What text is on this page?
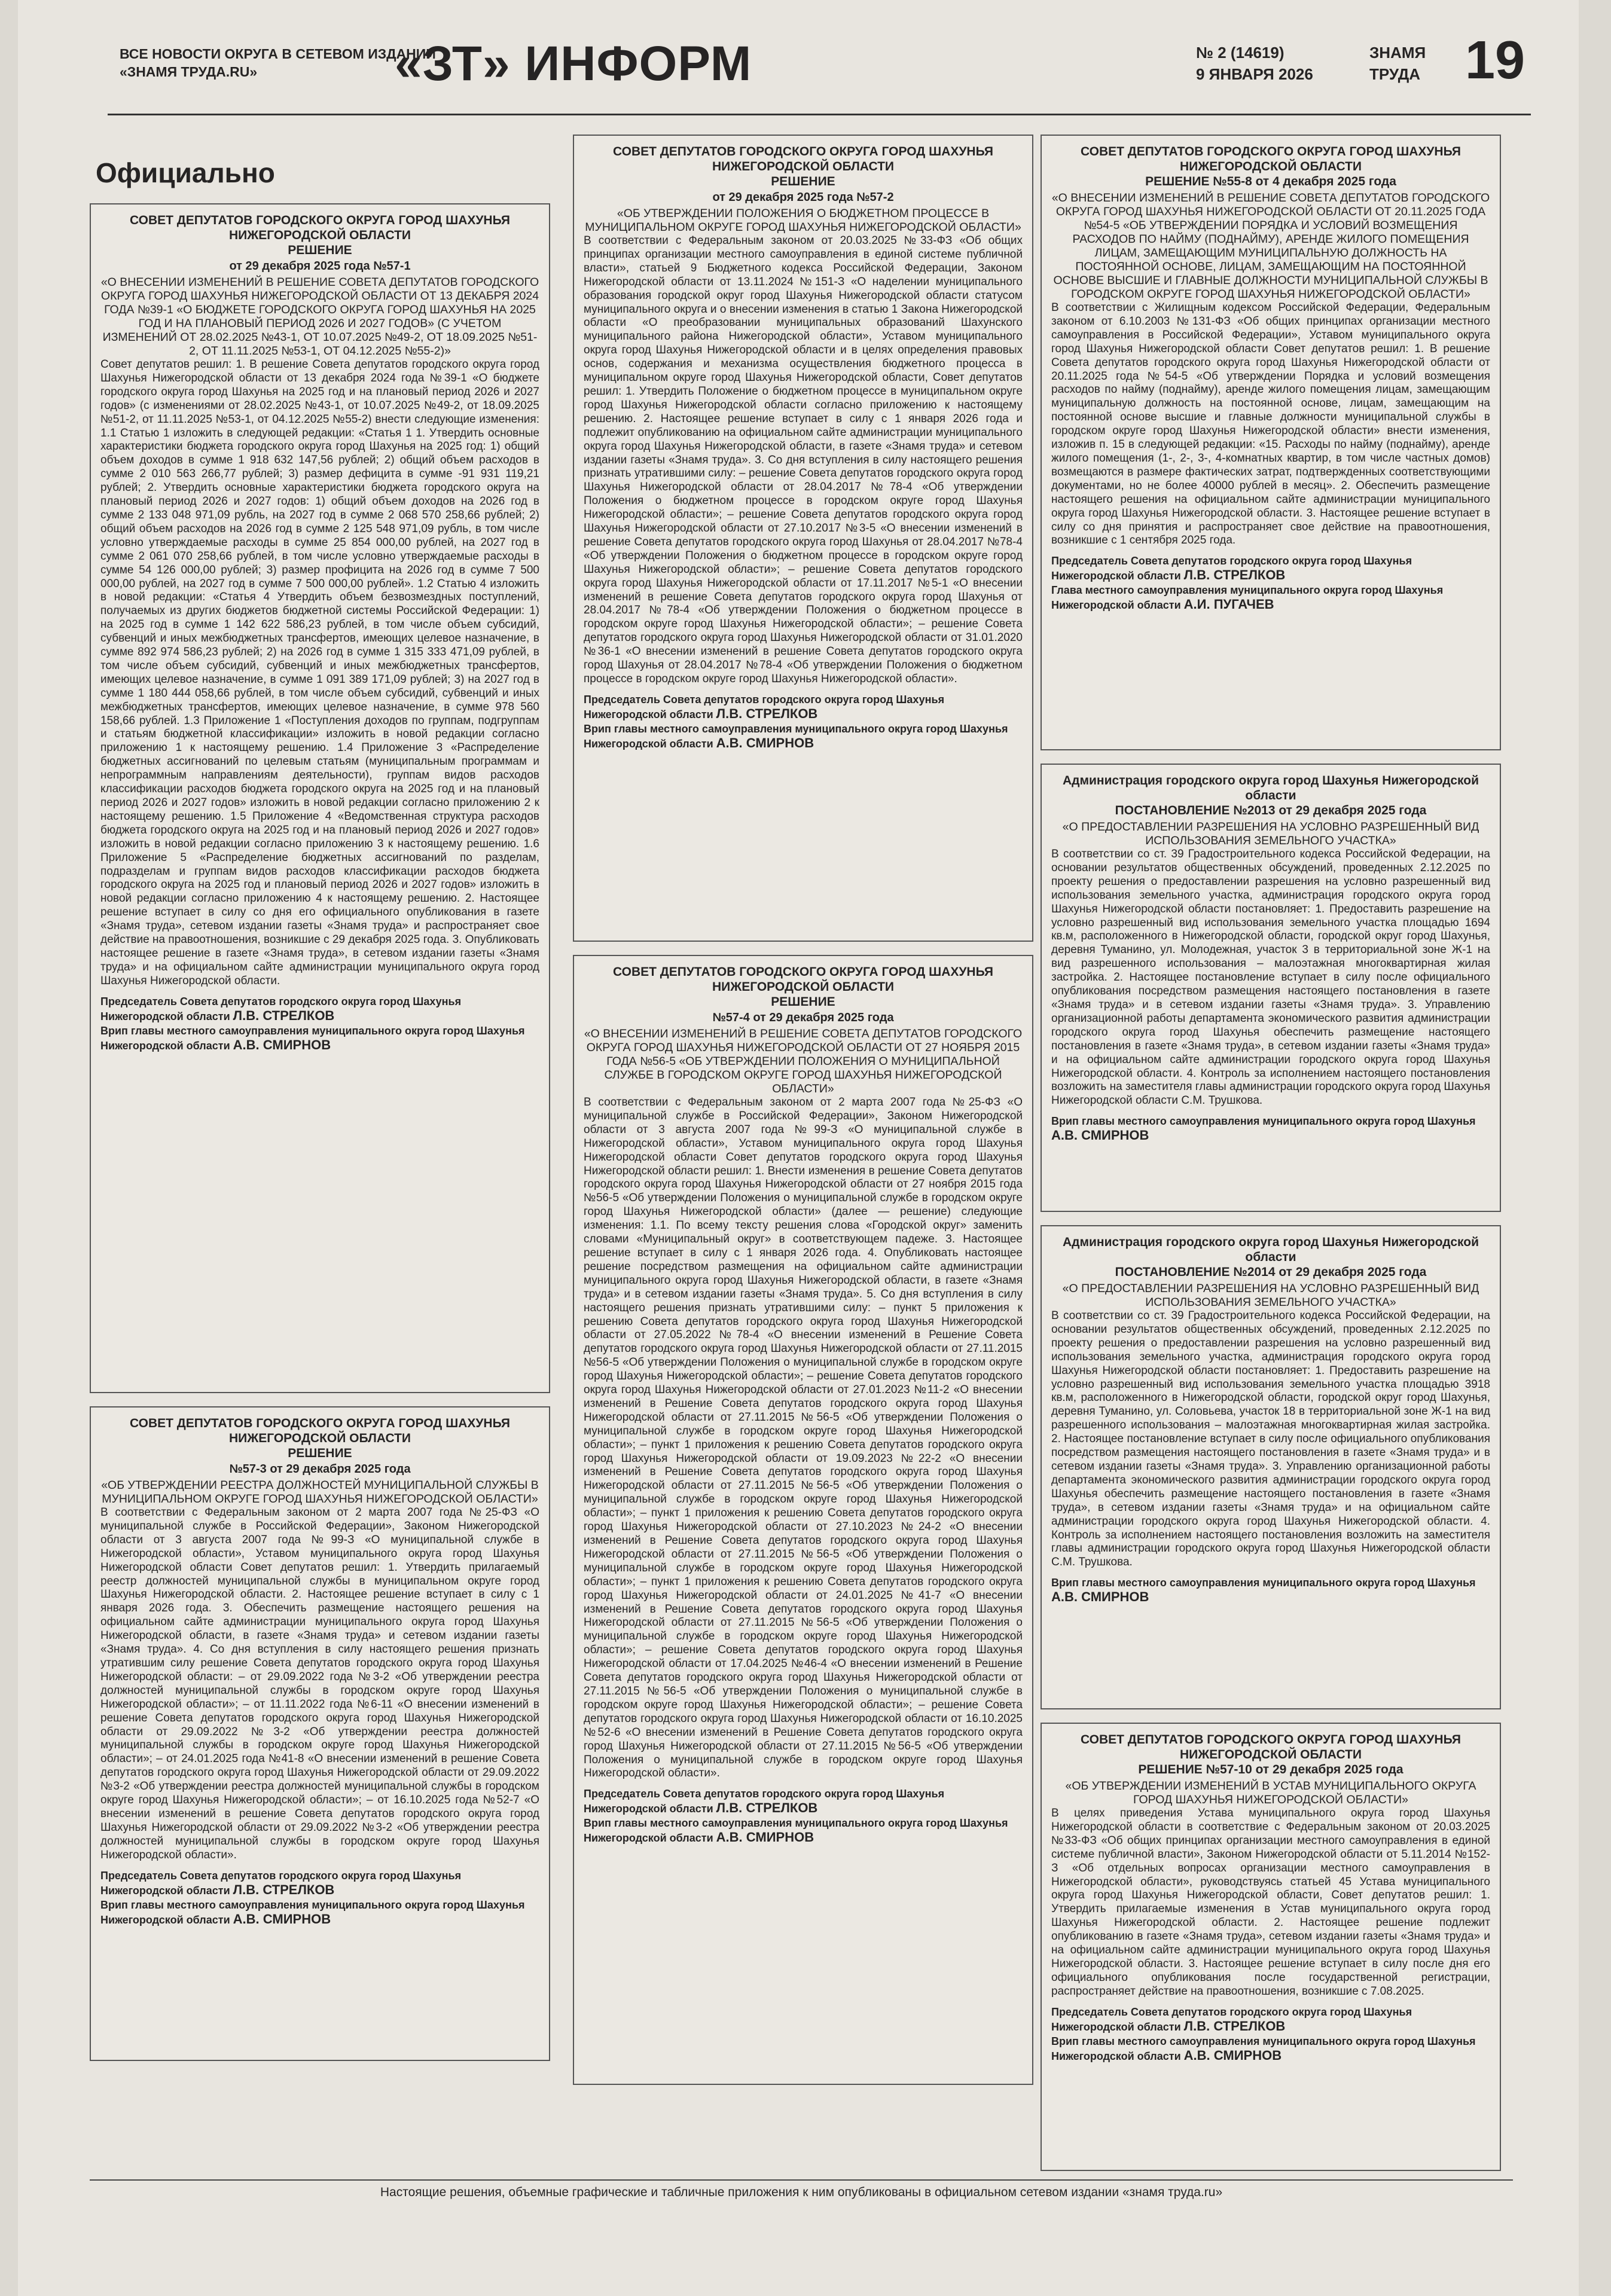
ВСЕ НОВОСТИ ОКРУГА В СЕТЕВОМ ИЗДАНИИ
«ЗНАМЯ ТРУДА.RU»	«ЗТ» ИНФОРМ	№ 2 (14619)
9 ЯНВАРЯ 2026
ЗНАМЯ
ТРУДА 19
Официально
СОВЕТ ДЕПУТАТОВ ГОРОДСКОГО ОКРУГА ГОРОД ШАХУНЬЯ НИЖЕГОРОДСКОЙ ОБЛАСТИ
РЕШЕНИЕ
от 29 декабря 2025 года №57-1
«О ВНЕСЕНИИ ИЗМЕНЕНИЙ В РЕШЕНИЕ СОВЕТА ДЕПУТАТОВ ГОРОДСКОГО ОКРУГА ГОРОД ШАХУНЬЯ НИЖЕГОРОДСКОЙ ОБЛАСТИ ОТ 13 ДЕКАБРЯ 2024 ГОДА №39-1 «О БЮДЖЕТЕ ГОРОДСКОГО ОКРУГА ГОРОД ШАХУНЬЯ НА 2025 ГОД И НА ПЛАНОВЫЙ ПЕРИОД 2026 И 2027 ГОДОВ» (С УЧЕТОМ ИЗМЕНЕНИЙ ОТ 28.02.2025 №43-1, ОТ 10.07.2025 №49-2, ОТ 18.09.2025 №51-2, ОТ 11.11.2025 №53-1, ОТ 04.12.2025 №55-2)»
Совет депутатов решил: 1. В решение Совета депутатов городского округа город Шахунья Нижегородской области от 13 декабря 2024 года №39-1 «О бюджете городского округа город Шахунья на 2025 год и на плановый период 2026 и 2027 годов» (с изменениями от 28.02.2025 №43-1, от 10.07.2025 №49-2, от 18.09.2025 №51-2, от 11.11.2025 №53-1, от 04.12.2025 №55-2) внести следующие изменения: 1.1 Статью 1 изложить в следующей редакции: «Статья 1 1. Утвердить основные характеристики бюджета городского округа город Шахунья на 2025 год: 1) общий объем доходов в сумме 1 918 632 147,56 рублей; 2) общий объем расходов в сумме 2 010 563 266,77 рублей; 3) размер дефицита в сумме -91 931 119,21 рублей; 2. Утвердить основные характеристики бюджета городского округа на плановый период 2026 и 2027 годов: 1) общий объем доходов на 2026 год в сумме 2 133 048 971,09 рубль, на 2027 год в сумме 2 068 570 258,66 рублей; 2) общий объем расходов на 2026 год в сумме 2 125 548 971,09 рубль, в том числе условно утверждаемые расходы в сумме 25 854 000,00 рублей, на 2027 год в сумме 2 061 070 258,66 рублей, в том числе условно утверждаемые расходы в сумме 54 126 000,00 рублей; 3) размер профицита на 2026 год в сумме 7 500 000,00 рублей, на 2027 год в сумме 7 500 000,00 рублей». 1.2 Статью 4 изложить в новой редакции: «Статья 4 Утвердить объем безвозмездных поступлений, получаемых из других бюджетов бюджетной системы Российской Федерации: 1) на 2025 год в сумме 1 142 622 586,23 рублей, в том числе объем субсидий, субвенций и иных межбюджетных трансфертов, имеющих целевое назначение, в сумме 892 974 586,23 рублей; 2) на 2026 год в сумме 1 315 333 471,09 рублей, в том числе объем субсидий, субвенций и иных межбюджетных трансфертов, имеющих целевое назначение, в сумме 1 091 389 171,09 рублей; 3) на 2027 год в сумме 1 180 444 058,66 рублей, в том числе объем субсидий, субвенций и иных межбюджетных трансфертов, имеющих целевое назначение, в сумме 978 560 158,66 рублей. 1.3 Приложение 1 «Поступления доходов по группам, подгруппам и статьям бюджетной классификации» изложить в новой редакции согласно приложению 1 к настоящему решению. 1.4 Приложение 3 «Распределение бюджетных ассигнований по целевым статьям (муниципальным программам и непрограммным направлениям деятельности), группам видов расходов классификации расходов бюджета городского округа на 2025 год и на плановый период 2026 и 2027 годов» изложить в новой редакции согласно приложению 2 к настоящему решению. 1.5 Приложение 4 «Ведомственная структура расходов бюджета городского округа на 2025 год и на плановый период 2026 и 2027 годов» изложить в новой редакции согласно приложению 3 к настоящему решению. 1.6 Приложение 5 «Распределение бюджетных ассигнований по разделам, подразделам и группам видов расходов классификации расходов бюджета городского округа на 2025 год и плановый период 2026 и 2027 годов» изложить в новой редакции согласно приложению 4 к настоящему решению. 2. Настоящее решение вступает в силу со дня его официального опубликования в газете «Знамя труда», сетевом издании газеты «Знамя труда» и распространяет свое действие на правоотношения, возникшие с 29 декабря 2025 года. 3. Опубликовать настоящее решение в газете «Знамя труда», в сетевом издании газеты «Знамя труда» и на официальном сайте администрации муниципального округа город Шахунья Нижегородской области.
Председатель Совета депутатов городского округа город Шахунья Нижегородской области Л.В. СТРЕЛКОВ
Врип главы местного самоуправления муниципального округа город Шахунья Нижегородской области А.В. СМИРНОВ
СОВЕТ ДЕПУТАТОВ ГОРОДСКОГО ОКРУГА ГОРОД ШАХУНЬЯ НИЖЕГОРОДСКОЙ ОБЛАСТИ
РЕШЕНИЕ
№57-3 от 29 декабря 2025 года
«ОБ УТВЕРЖДЕНИИ РЕЕСТРА ДОЛЖНОСТЕЙ МУНИЦИПАЛЬНОЙ СЛУЖБЫ В МУНИЦИПАЛЬНОМ ОКРУГЕ ГОРОД ШАХУНЬЯ НИЖЕГОРОДСКОЙ ОБЛАСТИ»
В соответствии с Федеральным законом от 2 марта 2007 года №25-ФЗ «О муниципальной службе в Российской Федерации», Законом Нижегородской области от 3 августа 2007 года №99-З «О муниципальной службе в Нижегородской области», Уставом муниципального округа город Шахунья Нижегородской области Совет депутатов решил: 1. Утвердить прилагаемый реестр должностей муниципальной службы в муниципальном округе город Шахунья Нижегородской области. 2. Настоящее решение вступает в силу с 1 января 2026 года. 3. Обеспечить размещение настоящего решения на официальном сайте администрации муниципального округа город Шахунья Нижегородской области, в газете «Знамя труда» и сетевом издании газеты «Знамя труда». 4. Со дня вступления в силу настоящего решения признать утратившим силу решение Совета депутатов городского округа город Шахунья Нижегородской области: – от 29.09.2022 года №3-2 «Об утверждении реестра должностей муниципальной службы в городском округе город Шахунья Нижегородской области»; – от 11.11.2022 года №6-11 «О внесении изменений в решение Совета депутатов городского округа город Шахунья Нижегородской области от 29.09.2022 №3-2 «Об утверждении реестра должностей муниципальной службы в городском округе город Шахунья Нижегородской области»; – от 24.01.2025 года №41-8 «О внесении изменений в решение Совета депутатов городского округа город Шахунья Нижегородской области от 29.09.2022 №3-2 «Об утверждении реестра должностей муниципальной службы в городском округе город Шахунья Нижегородской области»; – от 16.10.2025 года №52-7 «О внесении изменений в решение Совета депутатов городского округа город Шахунья Нижегородской области от 29.09.2022 №3-2 «Об утверждении реестра должностей муниципальной службы в городском округе город Шахунья Нижегородской области».
Председатель Совета депутатов городского округа город Шахунья Нижегородской области Л.В. СТРЕЛКОВ
Врип главы местного самоуправления муниципального округа город Шахунья Нижегородской области А.В. СМИРНОВ
СОВЕТ ДЕПУТАТОВ ГОРОДСКОГО ОКРУГА ГОРОД ШАХУНЬЯ НИЖЕГОРОДСКОЙ ОБЛАСТИ
РЕШЕНИЕ
от 29 декабря 2025 года №57-2
«ОБ УТВЕРЖДЕНИИ ПОЛОЖЕНИЯ О БЮДЖЕТНОМ ПРОЦЕССЕ В МУНИЦИПАЛЬНОМ ОКРУГЕ ГОРОД ШАХУНЬЯ НИЖЕГОРОДСКОЙ ОБЛАСТИ»
В соответствии с Федеральным законом от 20.03.2025 №33-ФЗ «Об общих принципах организации местного самоуправления в единой системе публичной власти», статьей 9 Бюджетного кодекса Российской Федерации, Законом Нижегородской области от 13.11.2024 №151-З «О наделении муниципального образования городской округ город Шахунья Нижегородской области статусом муниципального округа и о внесении изменения в статью 1 Закона Нижегородской области «О преобразовании муниципальных образований Шахунского муниципального района Нижегородской области», Уставом муниципального округа город Шахунья Нижегородской области и в целях определения правовых основ, содержания и механизма осуществления бюджетного процесса в муниципальном округе город Шахунья Нижегородской области, Совет депутатов решил: 1. Утвердить Положение о бюджетном процессе в муниципальном округе город Шахунья Нижегородской области согласно приложению к настоящему решению. 2. Настоящее решение вступает в силу с 1 января 2026 года и подлежит опубликованию на официальном сайте администрации муниципального округа город Шахунья Нижегородской области, в газете «Знамя труда» и сетевом издании газеты «Знамя труда». 3. Со дня вступления в силу настоящего решения признать утратившими силу: – решение Совета депутатов городского округа город Шахунья Нижегородской области от 28.04.2017 №78-4 «Об утверждении Положения о бюджетном процессе в городском округе город Шахунья Нижегородской области»; – решение Совета депутатов городского округа город Шахунья Нижегородской области от 27.10.2017 №3-5 «О внесении изменений в решение Совета депутатов городского округа город Шахунья от 28.04.2017 №78-4 «Об утверждении Положения о бюджетном процессе в городском округе город Шахунья Нижегородской области»; – решение Совета депутатов городского округа город Шахунья Нижегородской области от 17.11.2017 №5-1 «О внесении изменений в решение Совета депутатов городского округа город Шахунья от 28.04.2017 №78-4 «Об утверждении Положения о бюджетном процессе в городском округе город Шахунья Нижегородской области»; – решение Совета депутатов городского округа город Шахунья Нижегородской области от 31.01.2020 №36-1 «О внесении изменений в решение Совета депутатов городского округа город Шахунья от 28.04.2017 №78-4 «Об утверждении Положения о бюджетном процессе в городском округе город Шахунья Нижегородской области».
Председатель Совета депутатов городского округа город Шахунья Нижегородской области Л.В. СТРЕЛКОВ
Врип главы местного самоуправления муниципального округа город Шахунья Нижегородской области А.В. СМИРНОВ
СОВЕТ ДЕПУТАТОВ ГОРОДСКОГО ОКРУГА ГОРОД ШАХУНЬЯ НИЖЕГОРОДСКОЙ ОБЛАСТИ
РЕШЕНИЕ
№57-4 от 29 декабря 2025 года
«О ВНЕСЕНИИ ИЗМЕНЕНИЙ В РЕШЕНИЕ СОВЕТА ДЕПУТАТОВ ГОРОДСКОГО ОКРУГА ГОРОД ШАХУНЬЯ НИЖЕГОРОДСКОЙ ОБЛАСТИ ОТ 27 НОЯБРЯ 2015 ГОДА №56-5 «ОБ УТВЕРЖДЕНИИ ПОЛОЖЕНИЯ О МУНИЦИПАЛЬНОЙ СЛУЖБЕ В ГОРОДСКОМ ОКРУГЕ ГОРОД ШАХУНЬЯ НИЖЕГОРОДСКОЙ ОБЛАСТИ»
В соответствии с Федеральным законом от 2 марта 2007 года №25-ФЗ «О муниципальной службе в Российской Федерации», Законом Нижегородской области от 3 августа 2007 года №99-З «О муниципальной службе в Нижегородской области», Уставом муниципального округа город Шахунья Нижегородской области Совет депутатов городского округа город Шахунья Нижегородской области решил: 1. Внести изменения в решение Совета депутатов городского округа город Шахунья Нижегородской области от 27 ноября 2015 года №56-5 «Об утверждении Положения о муниципальной службе в городском округе город Шахунья Нижегородской области» (далее — решение) следующие изменения: 1.1. По всему тексту решения слова «Городской округ» заменить словами «Муниципальный округ» в соответствующем падеже. 3. Настоящее решение вступает в силу с 1 января 2026 года. 4. Опубликовать настоящее решение посредством размещения на официальном сайте администрации муниципального округа город Шахунья Нижегородской области, в газете «Знамя труда» и в сетевом издании газеты «Знамя труда». 5. Со дня вступления в силу настоящего решения признать утратившими силу: – пункт 5 приложения к решению Совета депутатов городского округа город Шахунья Нижегородской области от 27.05.2022 №78-4 «О внесении изменений в Решение Совета депутатов городского округа город Шахунья Нижегородской области от 27.11.2015 №56-5 «Об утверждении Положения о муниципальной службе в городском округе город Шахунья Нижегородской области»; – решение Совета депутатов городского округа город Шахунья Нижегородской области от 27.01.2023 №11-2 «О внесении изменений в Решение Совета депутатов городского округа город Шахунья Нижегородской области от 27.11.2015 №56-5 «Об утверждении Положения о муниципальной службе в городском округе город Шахунья Нижегородской области»; – пункт 1 приложения к решению Совета депутатов городского округа город Шахунья Нижегородской области от 19.09.2023 №22-2 «О внесении изменений в Решение Совета депутатов городского округа город Шахунья Нижегородской области от 27.11.2015 №56-5 «Об утверждении Положения о муниципальной службе в городском округе город Шахунья Нижегородской области»; – пункт 1 приложения к решению Совета депутатов городского округа город Шахунья Нижегородской области от 27.10.2023 №24-2 «О внесении изменений в Решение Совета депутатов городского округа город Шахунья Нижегородской области от 27.11.2015 №56-5 «Об утверждении Положения о муниципальной службе в городском округе город Шахунья Нижегородской области»; – пункт 1 приложения к решению Совета депутатов городского округа город Шахунья Нижегородской области от 24.01.2025 №41-7 «О внесении изменений в Решение Совета депутатов городского округа город Шахунья Нижегородской области от 27.11.2015 №56-5 «Об утверждении Положения о муниципальной службе в городском округе город Шахунья Нижегородской области»; – решение Совета депутатов городского округа город Шахунья Нижегородской области от 17.04.2025 №46-4 «О внесении изменений в Решение Совета депутатов городского округа город Шахунья Нижегородской области от 27.11.2015 №56-5 «Об утверждении Положения о муниципальной службе в городском округе город Шахунья Нижегородской области»; – решение Совета депутатов городского округа город Шахунья Нижегородской области от 16.10.2025 №52-6 «О внесении изменений в Решение Совета депутатов городского округа город Шахунья Нижегородской области от 27.11.2015 №56-5 «Об утверждении Положения о муниципальной службе в городском округе город Шахунья Нижегородской области».
Председатель Совета депутатов городского округа город Шахунья Нижегородской области Л.В. СТРЕЛКОВ
Врип главы местного самоуправления муниципального округа город Шахунья Нижегородской области А.В. СМИРНОВ
СОВЕТ ДЕПУТАТОВ ГОРОДСКОГО ОКРУГА ГОРОД ШАХУНЬЯ НИЖЕГОРОДСКОЙ ОБЛАСТИ
РЕШЕНИЕ №55-8 от 4 декабря 2025 года
«О ВНЕСЕНИИ ИЗМЕНЕНИЙ В РЕШЕНИЕ СОВЕТА ДЕПУТАТОВ ГОРОДСКОГО ОКРУГА ГОРОД ШАХУНЬЯ НИЖЕГОРОДСКОЙ ОБЛАСТИ ОТ 20.11.2025 ГОДА №54-5 «ОБ УТВЕРЖДЕНИИ ПОРЯДКА И УСЛОВИЙ ВОЗМЕЩЕНИЯ РАСХОДОВ ПО НАЙМУ (ПОДНАЙМУ), АРЕНДЕ ЖИЛОГО ПОМЕЩЕНИЯ ЛИЦАМ, ЗАМЕЩАЮЩИМ МУНИЦИПАЛЬНУЮ ДОЛЖНОСТЬ НА ПОСТОЯННОЙ ОСНОВЕ, ЛИЦАМ, ЗАМЕЩАЮЩИМ НА ПОСТОЯННОЙ ОСНОВЕ ВЫСШИЕ И ГЛАВНЫЕ ДОЛЖНОСТИ МУНИЦИПАЛЬНОЙ СЛУЖБЫ В ГОРОДСКОМ ОКРУГЕ ГОРОД ШАХУНЬЯ НИЖЕГОРОДСКОЙ ОБЛАСТИ»
В соответствии с Жилищным кодексом Российской Федерации, Федеральным законом от 6.10.2003 №131-ФЗ «Об общих принципах организации местного самоуправления в Российской Федерации», Уставом муниципального округа город Шахунья Нижегородской области Совет депутатов решил: 1. В решение Совета депутатов городского округа город Шахунья Нижегородской области от 20.11.2025 года №54-5 «Об утверждении Порядка и условий возмещения расходов по найму (поднайму), аренде жилого помещения лицам, замещающим муниципальную должность на постоянной основе, лицам, замещающим на постоянной основе высшие и главные должности муниципальной службы в городском округе город Шахунья Нижегородской области» внести изменения, изложив п. 15 в следующей редакции: «15. Расходы по найму (поднайму), аренде жилого помещения (1-, 2-, 3-, 4-комнатных квартир, в том числе частных домов) возмещаются в размере фактических затрат, подтвержденных соответствующими документами, но не более 40000 рублей в месяц». 2. Обеспечить размещение настоящего решения на официальном сайте администрации муниципального округа город Шахунья Нижегородской области. 3. Настоящее решение вступает в силу со дня принятия и распространяет свое действие на правоотношения, возникшие с 1 сентября 2025 года.
Председатель Совета депутатов городского округа город Шахунья Нижегородской области Л.В. СТРЕЛКОВ
Глава местного самоуправления муниципального округа город Шахунья Нижегородской области А.И. ПУГАЧЕВ
Администрация городского округа город Шахунья Нижегородской области
ПОСТАНОВЛЕНИЕ №2013 от 29 декабря 2025 года
«О ПРЕДОСТАВЛЕНИИ РАЗРЕШЕНИЯ НА УСЛОВНО РАЗРЕШЕННЫЙ ВИД ИСПОЛЬЗОВАНИЯ ЗЕМЕЛЬНОГО УЧАСТКА»
В соответствии со ст. 39 Градостроительного кодекса Российской Федерации, на основании результатов общественных обсуждений, проведенных 2.12.2025 по проекту решения о предоставлении разрешения на условно разрешенный вид использования земельного участка, администрация городского округа город Шахунья Нижегородской области постановляет: 1. Предоставить разрешение на условно разрешенный вид использования земельного участка площадью 1694 кв.м, расположенного в Нижегородской области, городской округ город Шахунья, деревня Туманино, ул. Молодежная, участок 3 в территориальной зоне Ж-1 на вид разрешенного использования – малоэтажная многоквартирная жилая застройка. 2. Настоящее постановление вступает в силу после официального опубликования посредством размещения настоящего постановления в газете «Знамя труда» и в сетевом издании газеты «Знамя труда». 3. Управлению организационной работы департамента экономического развития администрации городского округа город Шахунья обеспечить размещение настоящего постановления в газете «Знамя труда», в сетевом издании газеты «Знамя труда» и на официальном сайте администрации городского округа город Шахунья Нижегородской области. 4. Контроль за исполнением настоящего постановления возложить на заместителя главы администрации городского округа город Шахунья Нижегородской области С.М. Трушкова.
Врип главы местного самоуправления муниципального округа город Шахунья А.В. СМИРНОВ
Администрация городского округа город Шахунья Нижегородской области
ПОСТАНОВЛЕНИЕ №2014 от 29 декабря 2025 года
«О ПРЕДОСТАВЛЕНИИ РАЗРЕШЕНИЯ НА УСЛОВНО РАЗРЕШЕННЫЙ ВИД ИСПОЛЬЗОВАНИЯ ЗЕМЕЛЬНОГО УЧАСТКА»
В соответствии со ст. 39 Градостроительного кодекса Российской Федерации, на основании результатов общественных обсуждений, проведенных 2.12.2025 по проекту решения о предоставлении разрешения на условно разрешенный вид использования земельного участка, администрация городского округа город Шахунья Нижегородской области постановляет: 1. Предоставить разрешение на условно разрешенный вид использования земельного участка площадью 3918 кв.м, расположенного в Нижегородской области, городской округ город Шахунья, деревня Туманино, ул. Соловьева, участок 18 в территориальной зоне Ж-1 на вид разрешенного использования – малоэтажная многоквартирная жилая застройка. 2. Настоящее постановление вступает в силу после официального опубликования посредством размещения настоящего постановления в газете «Знамя труда» и в сетевом издании газеты «Знамя труда». 3. Управлению организационной работы департамента экономического развития администрации городского округа город Шахунья обеспечить размещение настоящего постановления в газете «Знамя труда», в сетевом издании газеты «Знамя труда» и на официальном сайте администрации городского округа город Шахунья Нижегородской области. 4. Контроль за исполнением настоящего постановления возложить на заместителя главы администрации городского округа город Шахунья Нижегородской области С.М. Трушкова.
Врип главы местного самоуправления муниципального округа город Шахунья А.В. СМИРНОВ
СОВЕТ ДЕПУТАТОВ ГОРОДСКОГО ОКРУГА ГОРОД ШАХУНЬЯ НИЖЕГОРОДСКОЙ ОБЛАСТИ
РЕШЕНИЕ №57-10 от 29 декабря 2025 года
«ОБ УТВЕРЖДЕНИИ ИЗМЕНЕНИЙ В УСТАВ МУНИЦИПАЛЬНОГО ОКРУГА ГОРОД ШАХУНЬЯ НИЖЕГОРОДСКОЙ ОБЛАСТИ»
В целях приведения Устава муниципального округа город Шахунья Нижегородской области в соответствие с Федеральным законом от 20.03.2025 №33-ФЗ «Об общих принципах организации местного самоуправления в единой системе публичной власти», Законом Нижегородской области от 5.11.2014 №152-З «Об отдельных вопросах организации местного самоуправления в Нижегородской области», руководствуясь статьей 45 Устава муниципального округа город Шахунья Нижегородской области, Совет депутатов решил: 1. Утвердить прилагаемые изменения в Устав муниципального округа город Шахунья Нижегородской области. 2. Настоящее решение подлежит опубликованию в газете «Знамя труда», сетевом издании газеты «Знамя труда» и на официальном сайте администрации муниципального округа город Шахунья Нижегородской области. 3. Настоящее решение вступает в силу после дня его официального опубликования после государственной регистрации, распространяет действие на правоотношения, возникшие с 7.08.2025.
Председатель Совета депутатов городского округа город Шахунья Нижегородской области Л.В. СТРЕЛКОВ
Врип главы местного самоуправления муниципального округа город Шахунья Нижегородской области А.В. СМИРНОВ
Настоящие решения, объемные графические и табличные приложения к ним опубликованы в официальном сетевом издании «знамя труда.ru»
